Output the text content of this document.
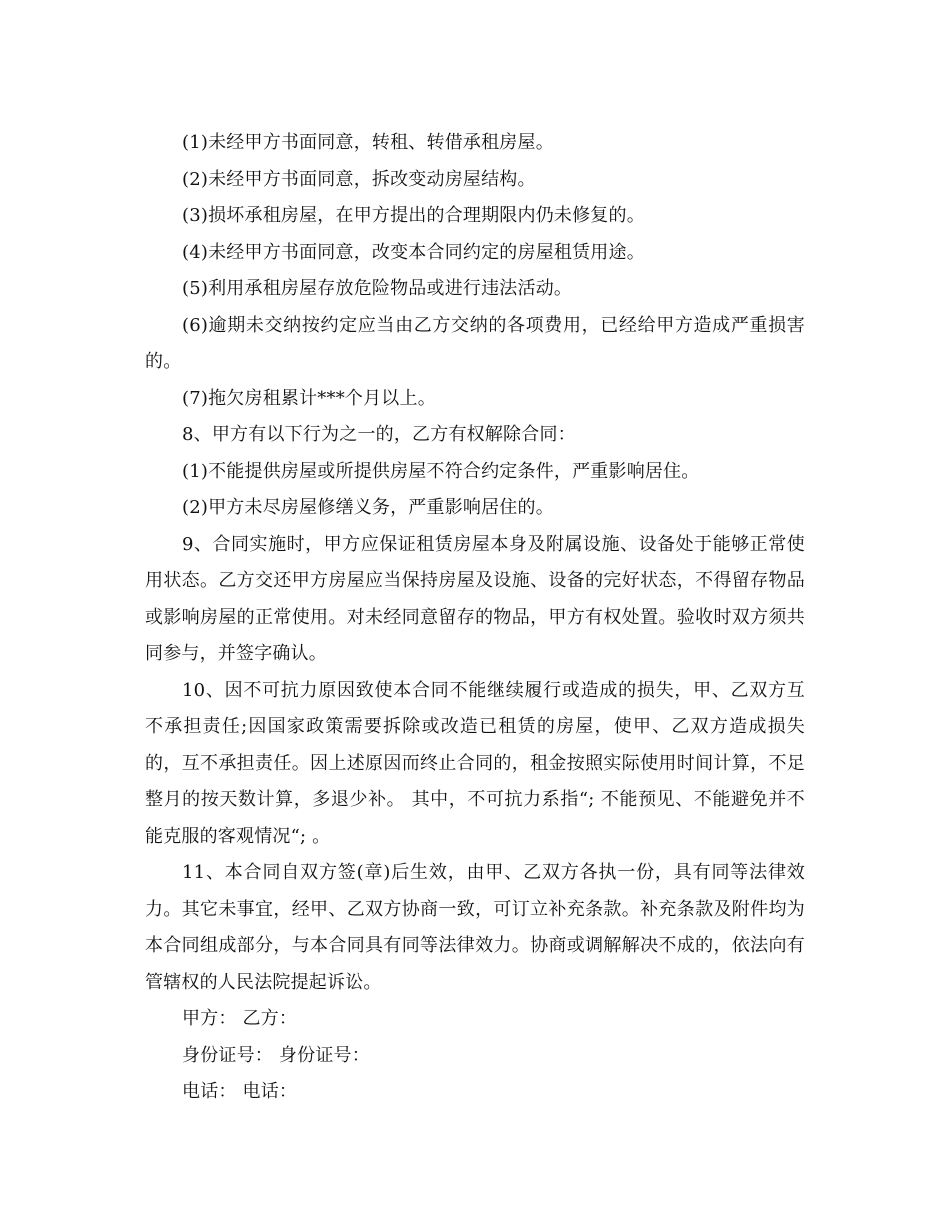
(1)未经甲方书面同意，转租、转借承租房屋。

(2)未经甲方书面同意，拆改变动房屋结构。

(3)损坏承租房屋，在甲方提出的合理期限内仍未修复的。

(4)未经甲方书面同意，改变本合同约定的房屋租赁用途。

(5)利用承租房屋存放危险物品或进行违法活动。

(6)逾期未交纳按约定应当由乙方交纳的各项费用，已经给甲方造成严重损害的。

(7)拖欠房租累计***个月以上。

8、甲方有以下行为之一的，乙方有权解除合同：

(1)不能提供房屋或所提供房屋不符合约定条件，严重影响居住。

(2)甲方未尽房屋修缮义务，严重影响居住的。

9、合同实施时，甲方应保证租赁房屋本身及附属设施、设备处于能够正常使用状态。乙方交还甲方房屋应当保持房屋及设施、设备的完好状态，不得留存物品或影响房屋的正常使用。对未经同意留存的物品，甲方有权处置。验收时双方须共同参与，并签字确认。

10、因不可抗力原因致使本合同不能继续履行或造成的损失，甲、乙双方互不承担责任;因国家政策需要拆除或改造已租赁的房屋，使甲、乙双方造成损失的，互不承担责任。因上述原因而终止合同的，租金按照实际使用时间计算，不足整月的按天数计算，多退少补。 其中，不可抗力系指“; 不能预见、不能避免并不能克服的客观情况“; 。

11、本合同自双方签(章)后生效，由甲、乙双方各执一份，具有同等法律效力。其它未事宜，经甲、乙双方协商一致，可订立补充条款。补充条款及附件均为本合同组成部分，与本合同具有同等法律效力。协商或调解解决不成的，依法向有管辖权的人民法院提起诉讼。

甲方： 乙方：

身份证号： 身份证号：

电话： 电话：
